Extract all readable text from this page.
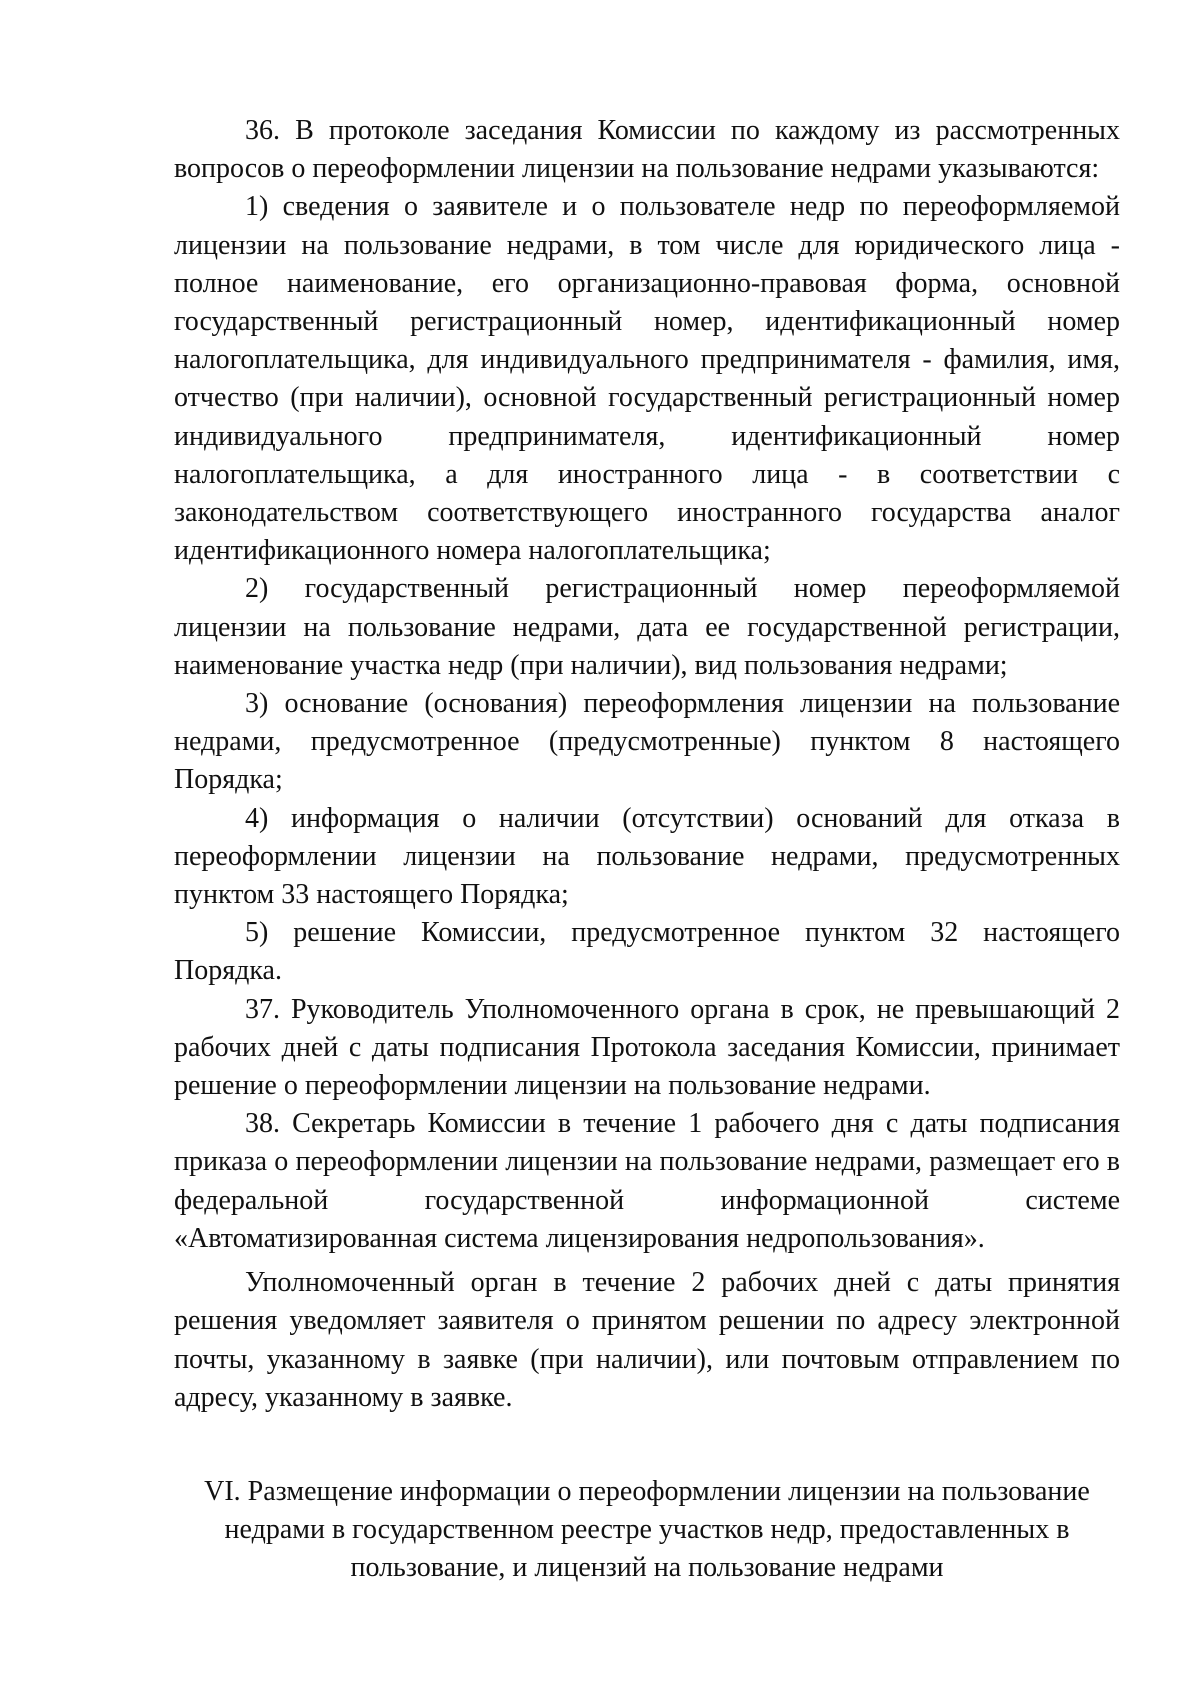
36. В протоколе заседания Комиссии по каждому из рассмотренных вопросов о переоформлении лицензии на пользование недрами указываются:

1) сведения о заявителе и о пользователе недр по переоформляемой лицензии на пользование недрами, в том числе для юридического лица - полное наименование, его организационно-правовая форма, основной государственный регистрационный номер, идентификационный номер налогоплательщика, для индивидуального предпринимателя - фамилия, имя, отчество (при наличии), основной государственный регистрационный номер индивидуального предпринимателя, идентификационный номер налогоплательщика, а для иностранного лица - в соответствии с законодательством соответствующего иностранного государства аналог идентификационного номера налогоплательщика;

2) государственный регистрационный номер переоформляемой лицензии на пользование недрами, дата ее государственной регистрации, наименование участка недр (при наличии), вид пользования недрами;

3) основание (основания) переоформления лицензии на пользование недрами, предусмотренное (предусмотренные) пунктом 8 настоящего Порядка;

4) информация о наличии (отсутствии) оснований для отказа в переоформлении лицензии на пользование недрами, предусмотренных пунктом 33 настоящего Порядка;

5) решение Комиссии, предусмотренное пунктом 32 настоящего Порядка.

37. Руководитель Уполномоченного органа в срок, не превышающий 2 рабочих дней с даты подписания Протокола заседания Комиссии, принимает решение о переоформлении лицензии на пользование недрами.

38. Секретарь Комиссии в течение 1 рабочего дня с даты подписания приказа о переоформлении лицензии на пользование недрами, размещает его в федеральной государственной информационной системе «Автоматизированная система лицензирования недропользования».

Уполномоченный орган в течение 2 рабочих дней с даты принятия решения уведомляет заявителя о принятом решении по адресу электронной почты, указанному в заявке (при наличии), или почтовым отправлением по адресу, указанному в заявке.

VI. Размещение информации о переоформлении лицензии на пользование недрами в государственном реестре участков недр, предоставленных в пользование, и лицензий на пользование недрами
